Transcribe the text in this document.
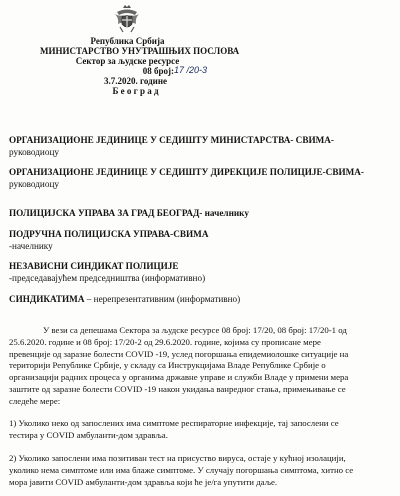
Република Србија
МИНИСТАРСТВО УНУТРАШЊИХ ПОСЛОВА
Сектор за људске ресурсе
08 број: 17 /20-3
3.7.2020. године
Б е о г р а д
ОРГАНИЗАЦИОНЕ ЈЕДИНИЦЕ У СЕДИШТУ МИНИСТАРСТВА- СВИМА-
руководиоцу
ОРГАНИЗАЦИОНЕ ЈЕДИНИЦЕ У СЕДИШТУ ДИРЕКЦИЈЕ ПОЛИЦИЈЕ-СВИМА-
руководиоцу
ПОЛИЦИЈСКА УПРАВА ЗА ГРАД БЕОГРАД- начелнику
ПОДРУЧНА ПОЛИЦИЈСКА УПРАВА-СВИМА
-начелнику
НЕЗАВИСНИ СИНДИКАТ ПОЛИЦИЈЕ
-председавајућем председништва (информативно)
СИНДИКАТИМА – нерепрезентативним (информативно)
У вези са депешама Сектора за људске ресурсе 08 број: 17/20, 08 број: 17/20-1 од
25.6.2020. године и 08 број: 17/20-2 од 29.6.2020. године, којима су прописане мере
превенције од заразне болести COVID -19, услед погоршања епидемиолошке ситуације на
територији Републике Србије, у складу са Инструкцијама Владе Републике Србије о
организацији радних процеса у органима државне управе и служби Владе у примени мера
заштите од заразне болести COVID -19 након укидања ванредног стања, примењивање се
следеће мере:
1) Уколико неко од запослених има симптоме респираторне инфекције, тај запослени се
тестира у COVID амбуланти-дом здравља.
2) Уколико запослени има позитиван тест на присуство вируса, остаје у кућној изолацији,
уколико нема симптоме или има блаже симптоме. У случају погоршања симптома, хитно се
мора јавити COVID амбуланти-дом здравља који ће је/га упутити даље.
